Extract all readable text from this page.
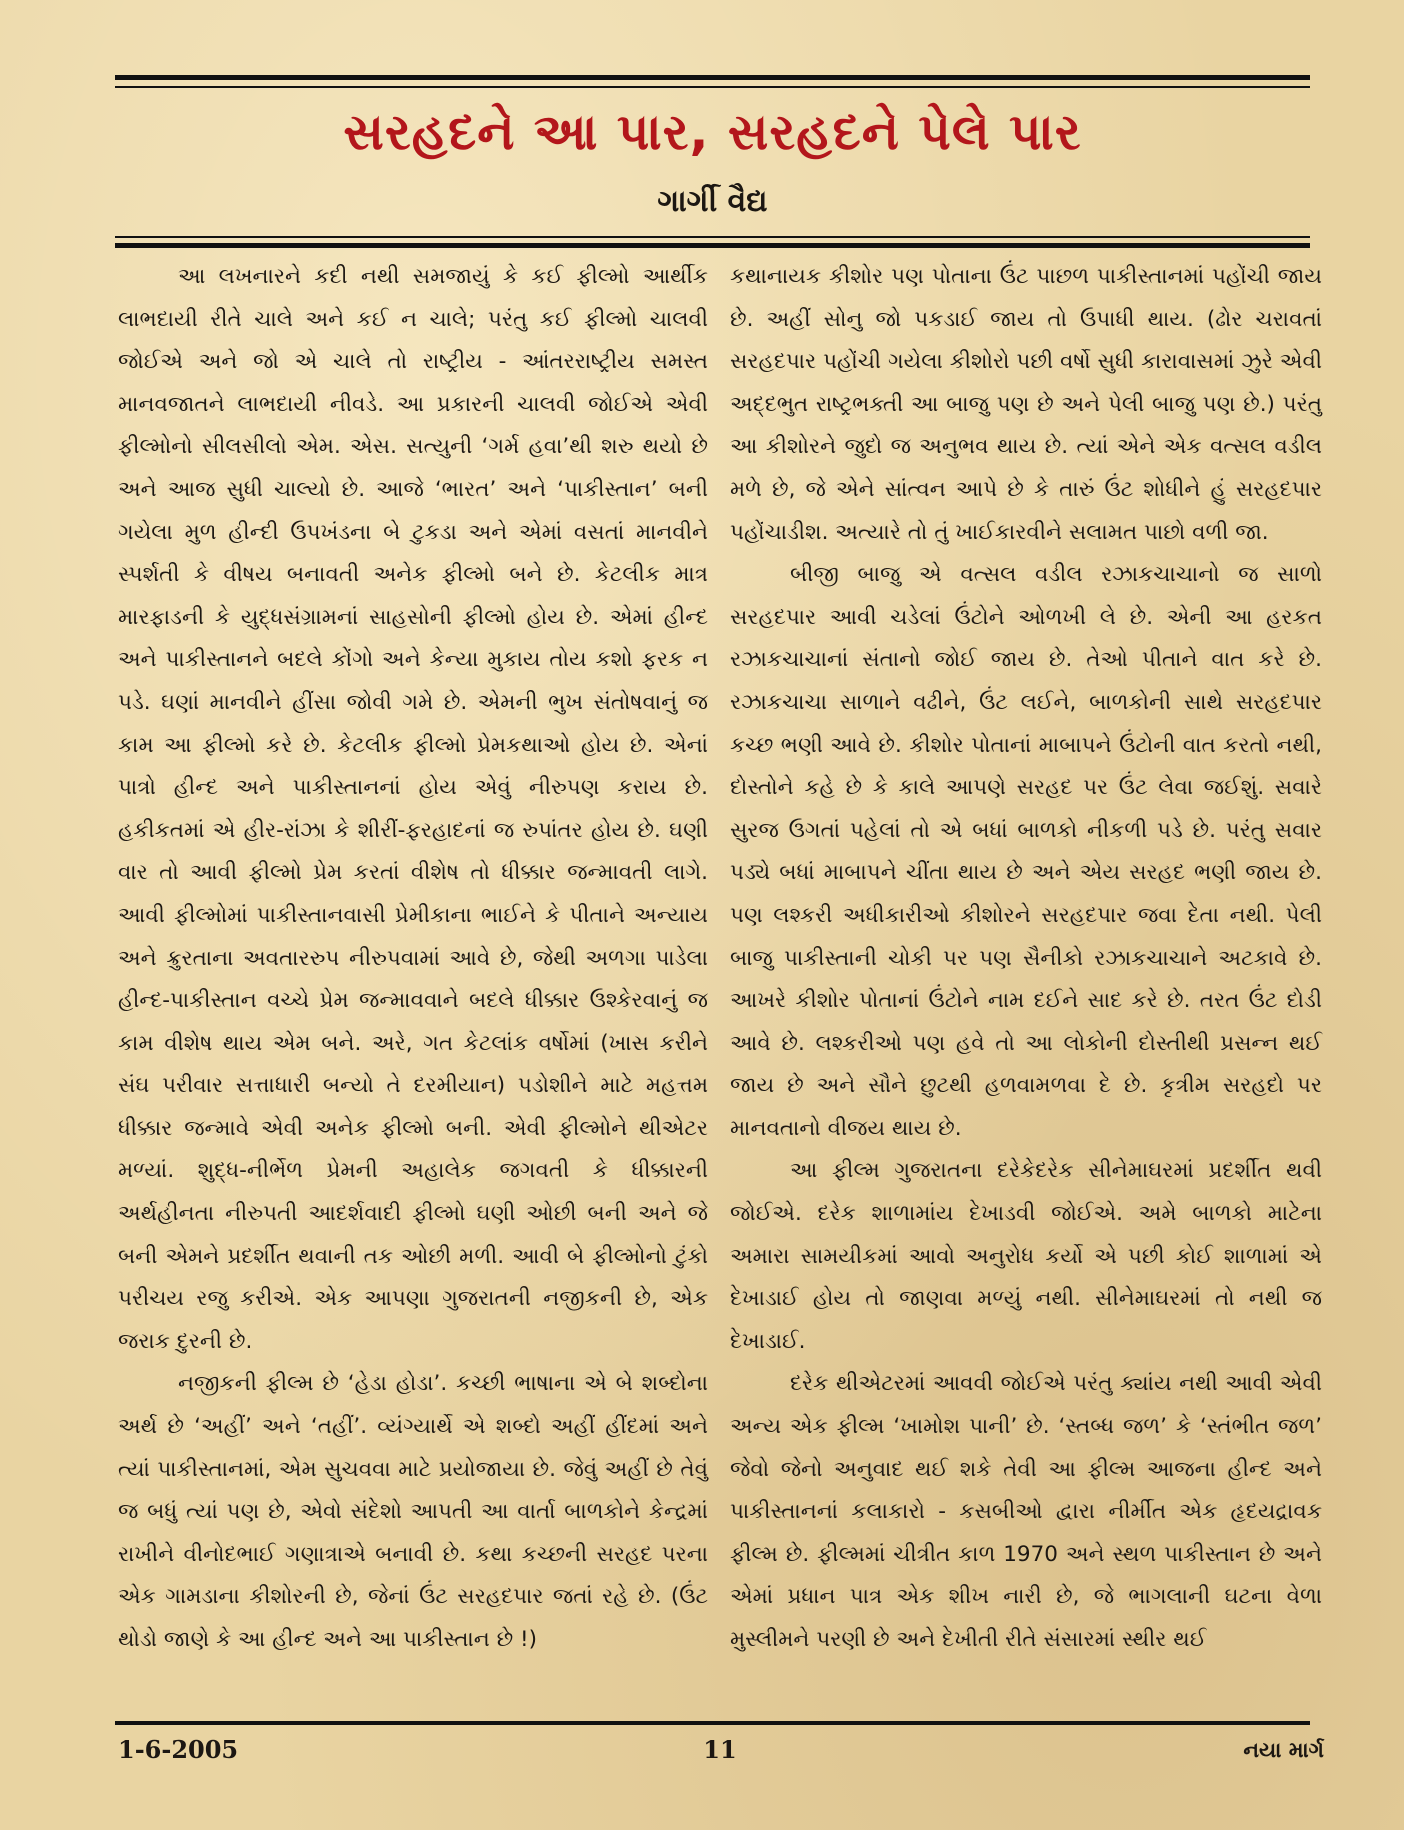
સરહદને આ પાર, સરહદને પેલે પાર
ગાર્ગી વૈદ્ય

આ લખનારને કદી નથી સમજાયું કે કઈ ફીલ્મો આર્થીક લાભદાયી રીતે ચાલે અને કઈ ન ચાલે; પરંતુ કઈ ફીલ્મો ચાલવી જોઈએ અને જો એ ચાલે તો રાષ્ટ્રીય - આંતરરાષ્ટ્રીય સમસ્ત માનવજાતને લાભદાયી નીવડે. આ પ્રકારની ચાલવી જોઈએ એવી ફીલ્મોનો સીલસીલો એમ. એસ. સત્યુની ‘ગર્મ હવા’થી શરુ થયો છે અને આજ સુધી ચાલ્યો છે. આજે ‘ભારત’ અને ‘પાકીસ્તાન’ બની ગયેલા મુળ હીન્દી ઉપખંડના બે ટુકડા અને એમાં વસતાં માનવીને સ્પર્શતી કે વીષય બનાવતી અનેક ફીલ્મો બને છે. કેટલીક માત્ર મારફાડની કે યુદ્ધસંગ્રામનાં સાહસોની ફીલ્મો હોય છે. એમાં હીન્દ અને પાકીસ્તાનને બદલે કોંગો અને કેન્યા મુકાય તોય કશો ફરક ન પડે. ઘણાં માનવીને હીંસા જોવી ગમે છે. એમની ભુખ સંતોષવાનું જ કામ આ ફીલ્મો કરે છે. કેટલીક ફીલ્મો પ્રેમકથાઓ હોય છે. એનાં પાત્રો હીન્દ અને પાકીસ્તાનનાં હોય એવું નીરુપણ કરાય છે. હકીકતમાં એ હીર-રાંઝા કે શીરીં-ફરહાદનાં જ રુપાંતર હોય છે. ઘણી વાર તો આવી ફીલ્મો પ્રેમ કરતાં વીશેષ તો ધીક્કાર જન્માવતી લાગે. આવી ફીલ્મોમાં પાકીસ્તાનવાસી પ્રેમીકાના ભાઈને કે પીતાને અન્યાય અને ક્રુરતાના અવતારરુપ નીરુપવામાં આવે છે, જેથી અળગા પાડેલા હીન્દ-પાકીસ્તાન વચ્ચે પ્રેમ જન્માવવાને બદલે ધીક્કાર ઉશ્કેરવાનું જ કામ વીશેષ થાય એમ બને. અરે, ગત કેટલાંક વર્ષોમાં (ખાસ કરીને સંઘ પરીવાર સત્તાધારી બન્યો તે દરમીયાન) પડોશીને માટે મહત્તમ ધીક્કાર જન્માવે એવી અનેક ફીલ્મો બની. એવી ફીલ્મોને થીએટર મળ્યાં. શુદ્ધ-નીર્ભેળ પ્રેમની અહાલેક જગવતી કે ધીક્કારની અર્થહીનતા નીરુપતી આદર્શવાદી ફીલ્મો ઘણી ઓછી બની અને જે બની એમને પ્રદર્શીત થવાની તક ઓછી મળી. આવી બે ફીલ્મોનો ટુંકો પરીચય રજુ કરીએ. એક આપણા ગુજરાતની નજીકની છે, એક જરાક દુરની છે.

નજીકની ફીલ્મ છે ‘હેડા હોડા’. કચ્છી ભાષાના એ બે શબ્દોના અર્થ છે ‘અહીં’ અને ‘તહીં’. વ્યંગ્યાર્થે એ શબ્દો અહીં હીંદમાં અને ત્યાં પાકીસ્તાનમાં, એમ સુચવવા માટે પ્રયોજાયા છે. જેવું અહીં છે તેવું જ બધું ત્યાં પણ છે, એવો સંદેશો આપતી આ વાર્તા બાળકોને કેન્દ્રમાં રાખીને વીનોદભાઈ ગણાત્રાએ બનાવી છે. કથા કચ્છની સરહદ પરના એક ગામડાના કીશોરની છે, જેનાં ઉંટ સરહદપાર જતાં રહે છે. (ઉંટ થોડો જાણે કે આ હીન્દ અને આ પાકીસ્તાન છે !)

કથાનાયક કીશોર પણ પોતાના ઉંટ પાછળ પાકીસ્તાનમાં પહોંચી જાય છે. અહીં સોનુ જો પકડાઈ જાય તો ઉપાધી થાય. (ઢોર ચરાવતાં સરહદપાર પહોંચી ગયેલા કીશોરો પછી વર્ષો સુધી કારાવાસમાં ઝુરે એવી અદ્દભુત રાષ્ટ્રભક્તી આ બાજુ પણ છે અને પેલી બાજુ પણ છે.) પરંતુ આ કીશોરને જુદો જ અનુભવ થાય છે. ત્યાં એને એક વત્સલ વડીલ મળે છે, જે એને સાંત્વન આપે છે કે તારું ઉંટ શોધીને હું સરહદપાર પહોંચાડીશ. અત્યારે તો તું ખાઈકારવીને સલામત પાછો વળી જા.

બીજી બાજુ એ વત્સલ વડીલ રઝાકચાચાનો જ સાળો સરહદપાર આવી ચડેલાં ઉંટોને ઓળખી લે છે. એની આ હરકત રઝાકચાચાનાં સંતાનો જોઈ જાય છે. તેઓ પીતાને વાત કરે છે. રઝાકચાચા સાળાને વઢીને, ઉંટ લઈને, બાળકોની સાથે સરહદપાર કચ્છ ભણી આવે છે. કીશોર પોતાનાં માબાપને ઉંટોની વાત કરતો નથી, દોસ્તોને કહે છે કે કાલે આપણે સરહદ પર ઉંટ લેવા જઈશું. સવારે સુરજ ઉગતાં પહેલાં તો એ બધાં બાળકો નીકળી પડે છે. પરંતુ સવાર પડ્યે બધાં માબાપને ચીંતા થાય છે અને એય સરહદ ભણી જાય છે. પણ લશ્કરી અધીકારીઓ કીશોરને સરહદપાર જવા દેતા નથી. પેલી બાજુ પાકીસ્તાની ચોકી પર પણ સૈનીકો રઝાકચાચાને અટકાવે છે. આખરે કીશોર પોતાનાં ઉંટોને નામ દઈને સાદ કરે છે. તરત ઉંટ દોડી આવે છે. લશ્કરીઓ પણ હવે તો આ લોકોની દોસ્તીથી પ્રસન્ન થઈ જાય છે અને સૌને છુટથી હળવામળવા દે છે. કૃત્રીમ સરહદો પર માનવતાનો વીજય થાય છે.

આ ફીલ્મ ગુજરાતના દરેકેદરેક સીનેમાઘરમાં પ્રદર્શીત થવી જોઈએ. દરેક શાળામાંય દેખાડવી જોઈએ. અમે બાળકો માટેના અમારા સામયીકમાં આવો અનુરોધ કર્યો એ પછી કોઈ શાળામાં એ દેખાડાઈ હોય તો જાણવા મળ્યું નથી. સીનેમાઘરમાં તો નથી જ દેખાડાઈ.

દરેક થીએટરમાં આવવી જોઈએ પરંતુ ક્યાંય નથી આવી એવી અન્ય એક ફીલ્મ ‘ખામોશ પાની’ છે. ‘સ્તબ્ધ જળ’ કે ‘સ્તંભીત જળ’ જેવો જેનો અનુવાદ થઈ શકે તેવી આ ફીલ્મ આજના હીન્દ અને પાકીસ્તાનનાં કલાકારો - કસબીઓ દ્વારા નીર્મીત એક હૃદયદ્રાવક ફીલ્મ છે. ફીલ્મમાં ચીત્રીત કાળ 1970 અને સ્થળ પાકીસ્તાન છે અને એમાં પ્રધાન પાત્ર એક શીખ નારી છે, જે ભાગલાની ઘટના વેળા મુસ્લીમને પરણી છે અને દેખીતી રીતે સંસારમાં સ્થીર થઈ

1-6-2005	11	નયા માર્ગ
